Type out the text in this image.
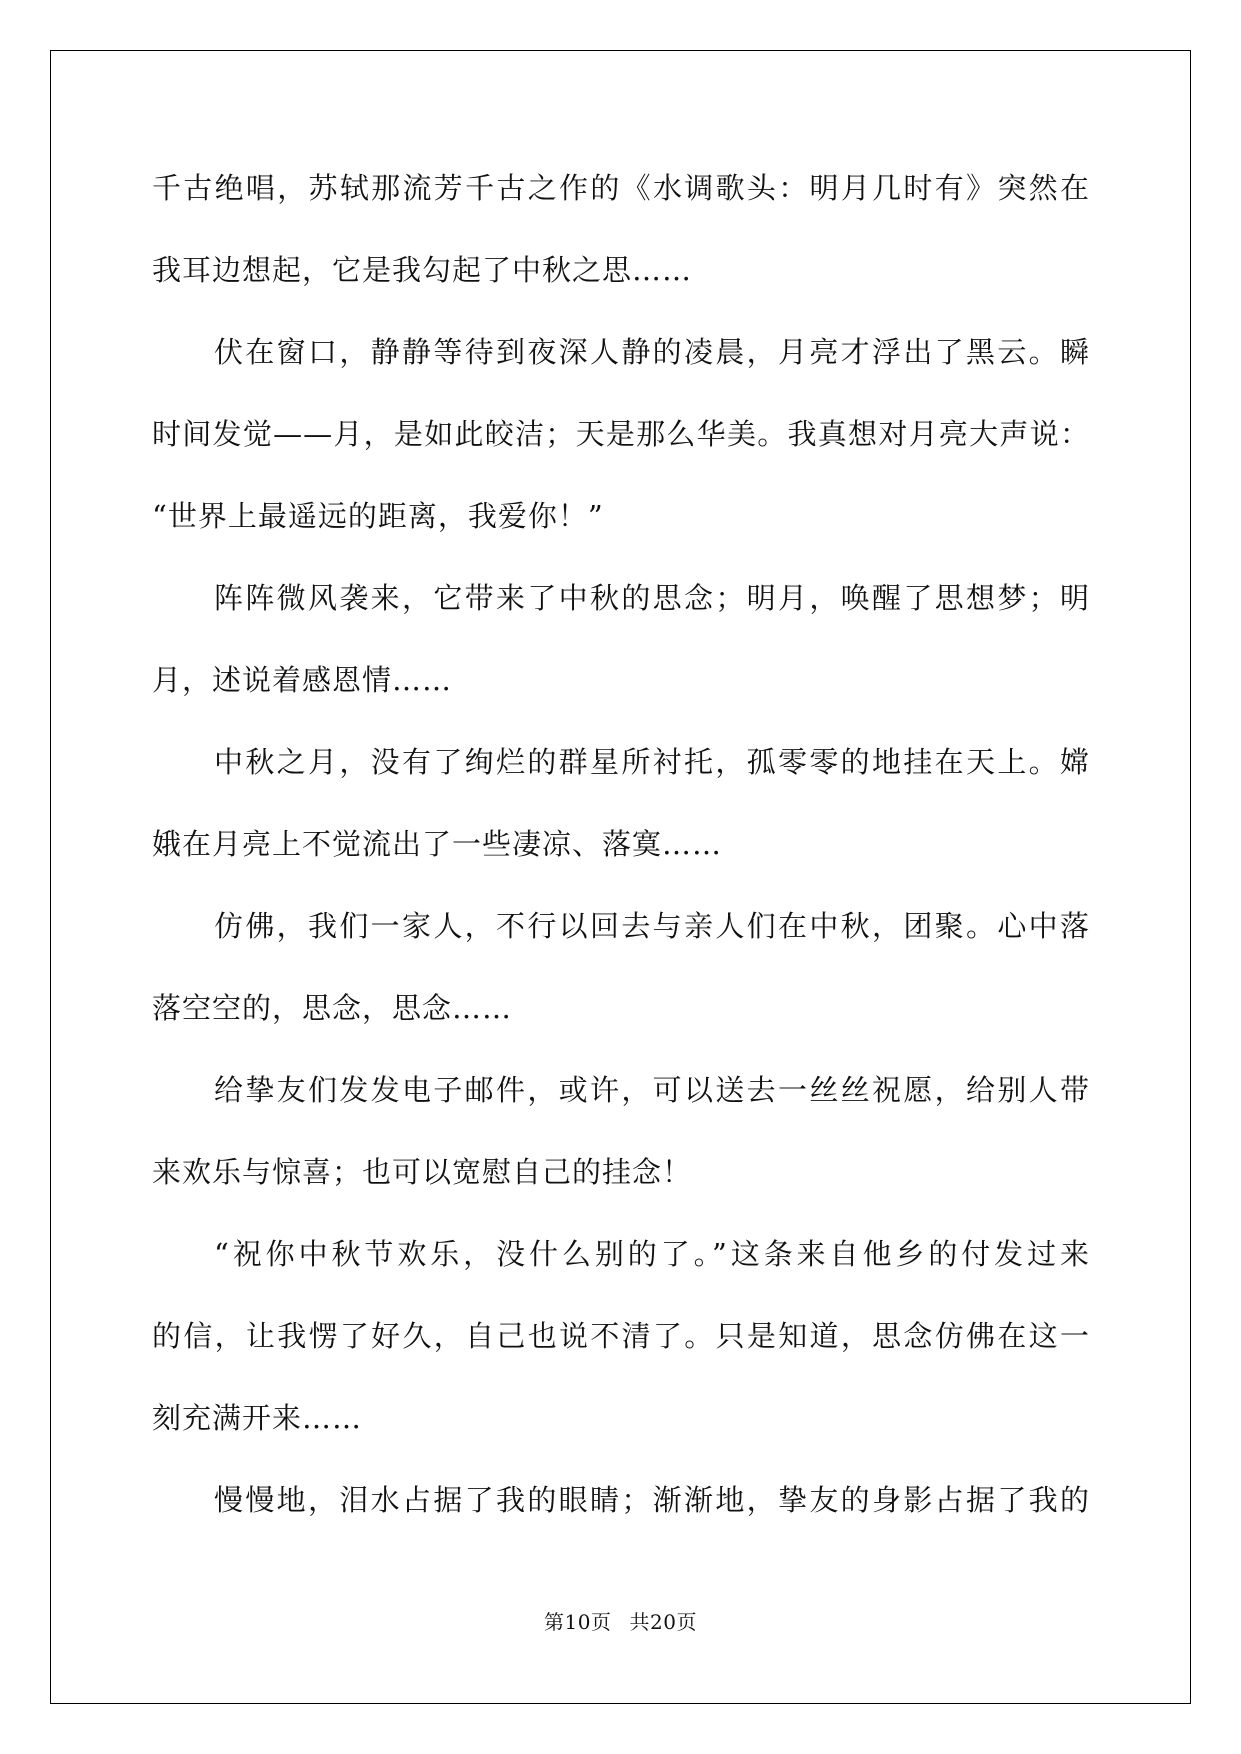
千古绝唱，苏轼那流芳千古之作的《水调歌头：明月几时有》突然在
我耳边想起，它是我勾起了中秋之思……
伏在窗口，静静等待到夜深人静的凌晨，月亮才浮出了黑云。瞬
时间发觉——月，是如此皎洁；天是那么华美。我真想对月亮大声说：
“世界上最遥远的距离，我爱你！”
阵阵微风袭来，它带来了中秋的思念；明月，唤醒了思想梦；明
月，述说着感恩情……
中秋之月，没有了绚烂的群星所衬托，孤零零的地挂在天上。嫦
娥在月亮上不觉流出了一些凄凉、落寞……
仿佛，我们一家人，不行以回去与亲人们在中秋，团聚。心中落
落空空的，思念，思念……
给挚友们发发电子邮件，或许，可以送去一丝丝祝愿，给别人带
来欢乐与惊喜；也可以宽慰自己的挂念！
“祝你中秋节欢乐，没什么别的了。”这条来自他乡的付发过来
的信，让我愣了好久，自己也说不清了。只是知道，思念仿佛在这一
刻充满开来……
慢慢地，泪水占据了我的眼睛；渐渐地，挚友的身影占据了我的
第10页 共20页
